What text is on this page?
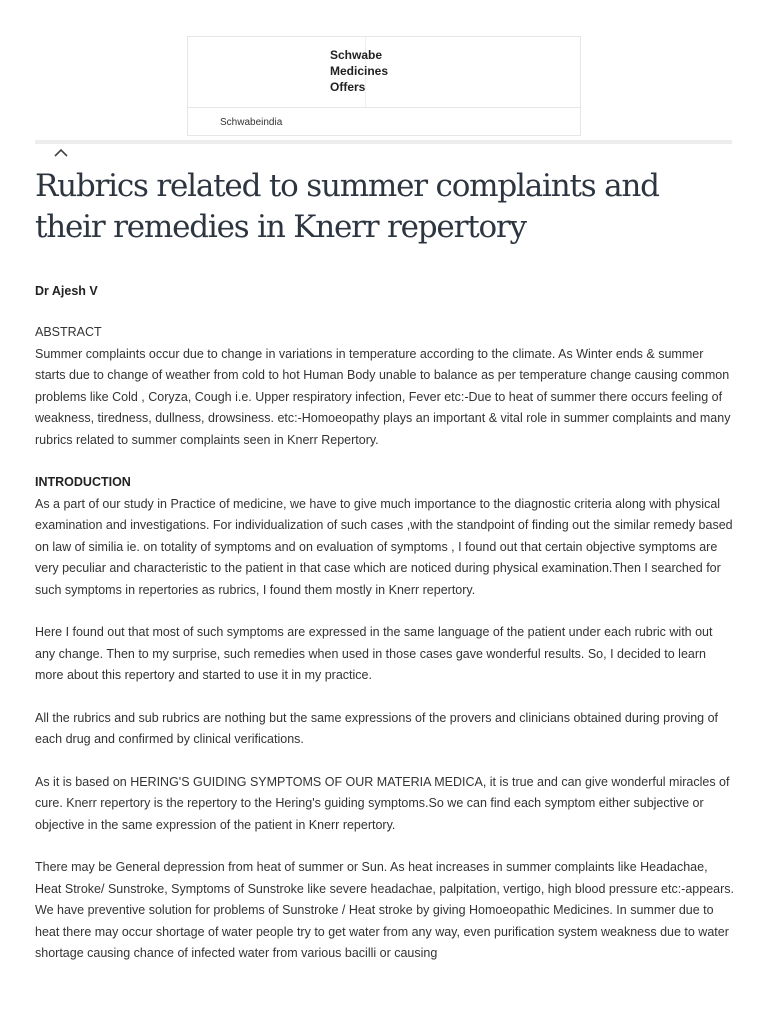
Schwabe
Medicines
Offers
Schwabeindia
Rubrics related to summer complaints and their remedies in Knerr repertory
Dr Ajesh V

ABSTRACT

Summer complaints occur due to change in variations in temperature according to the climate. As Winter ends & summer starts due to change of weather from cold to hot Human Body unable to balance as per temperature change causing common problems like Cold , Coryza, Cough i.e. Upper respiratory infection, Fever etc:-Due to heat of summer there occurs feeling of weakness, tiredness, dullness, drowsiness. etc:-Homoeopathy plays an important & vital role in summer complaints and many rubrics related to summer complaints seen in Knerr Repertory.

INTRODUCTION

As a part of our study in Practice of medicine, we have to give much importance to the diagnostic criteria along with physical examination and investigations. For individualization of such cases ,with the standpoint of finding out the similar remedy based on law of similia ie. on totality of symptoms and on evaluation of symptoms , I found out that certain objective symptoms are very peculiar and characteristic to the patient in that case which are noticed during physical examination.Then I searched for such symptoms in repertories as rubrics, I found them mostly in Knerr repertory.

Here I found out that most of such symptoms are expressed in the same language of the patient under each rubric with out any change. Then to my surprise, such remedies when used in those cases gave wonderful results. So, I decided to learn more about this repertory and started to use it in my practice.

All the rubrics and sub rubrics are nothing but the same expressions of the provers and clinicians obtained during proving of each drug and confirmed by clinical verifications.

As it is based on HERING'S GUIDING SYMPTOMS OF OUR MATERIA MEDICA, it is true and can give wonderful miracles of cure. Knerr repertory is the repertory to the Hering's guiding symptoms.So we can find each symptom either subjective or objective in the same expression of the patient in Knerr repertory.

There may be General depression from heat of summer or Sun. As heat increases in summer complaints like Headachae, Heat Stroke/ Sunstroke, Symptoms of Sunstroke like severe headachae, palpitation, vertigo, high blood pressure etc:-appears. We have preventive solution for problems of Sunstroke / Heat stroke by giving Homoeopathic Medicines. In summer due to heat there may occur shortage of water people try to get water from any way, even purification system weakness due to water shortage causing chance of infected water from various bacilli or causing
